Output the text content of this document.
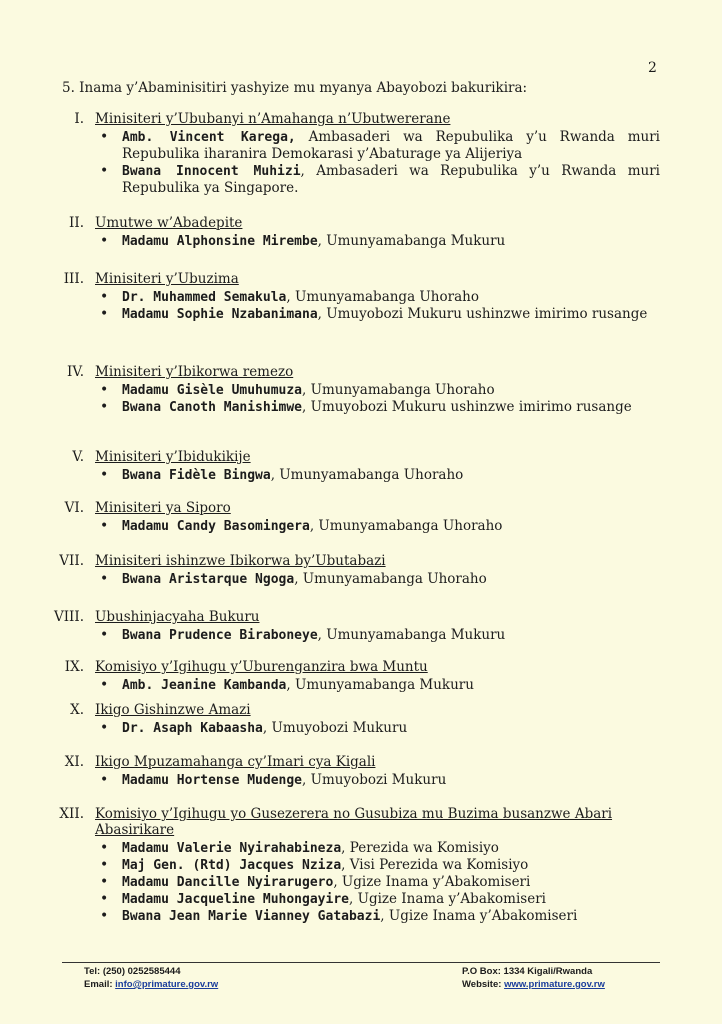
2
5. Inama y’Abaminisitiri yashyize mu myanya Abayobozi bakurikira:
I. Minisiteri y’Ububanyi n’Amahanga n’Ubutwererane
• Amb. Vincent Karega, Ambasaderi wa Repubulika y’u Rwanda muri Repubulika iharanira Demokarasi y’Abaturage ya Alijeriya
• Bwana Innocent Muhizi, Ambasaderi wa Repubulika y’u Rwanda muri Repubulika ya Singapore.
II. Umutwe w’Abadepite
• Madamu Alphonsine Mirembe, Umunyamabanga Mukuru
III. Minisiteri y’Ubuzima
• Dr. Muhammed Semakula, Umunyamabanga Uhoraho
• Madamu Sophie Nzabanimana, Umuyobozi Mukuru ushinzwe imirimo rusange
IV. Minisiteri y’Ibikorwa remezo
• Madamu Gisèle Umuhumuza, Umunyamabanga Uhoraho
• Bwana Canoth Manishimwe, Umuyobozi Mukuru ushinzwe imirimo rusange
V. Minisiteri y’Ibidukikije
• Bwana Fidèle Bingwa, Umunyamabanga Uhoraho
VI. Minisiteri ya Siporo
• Madamu Candy Basomingera, Umunyamabanga Uhoraho
VII. Minisiteri ishinzwe Ibikorwa by’Ubutabazi
• Bwana Aristarque Ngoga, Umunyamabanga Uhoraho
VIII. Ubushinjacyaha Bukuru
• Bwana Prudence Biraboneye, Umunyamabanga Mukuru
IX. Komisiyo y’Igihugu y’Uburenganzira bwa Muntu
• Amb. Jeanine Kambanda, Umunyamabanga Mukuru
X. Ikigo Gishinzwe Amazi
• Dr. Asaph Kabaasha, Umuyobozi Mukuru
XI. Ikigo Mpuzamahanga cy’Imari cya Kigali
• Madamu Hortense Mudenge, Umuyobozi Mukuru
XII. Komisiyo y’Igihugu yo Gusezerera no Gusubiza mu Buzima busanzwe Abari Abasirikare
• Madamu Valerie Nyirahabineza, Perezida wa Komisiyo
• Maj Gen. (Rtd) Jacques Nziza, Visi Perezida wa Komisiyo
• Madamu Dancille Nyirarugero, Ugize Inama y’Abakomiseri
• Madamu Jacqueline Muhongayire, Ugize Inama y’Abakomiseri
• Bwana Jean Marie Vianney Gatabazi, Ugize Inama y’Abakomiseri
Tel: (250) 0252585444
Email: info@primature.gov.rw
P.O Box: 1334 Kigali/Rwanda
Website: www.primature.gov.rw
